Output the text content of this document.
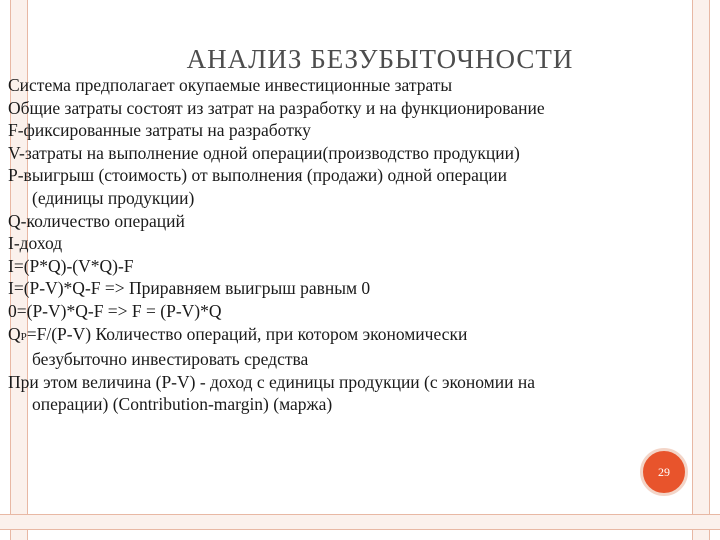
АНАЛИЗ БЕЗУБЫТОЧНОСТИ

Система предполагает окупаемые инвестиционные затраты

Общие затраты состоят из затрат на разработку и на функционирование

F-фиксированные затраты на разработку

V-затраты на выполнение одной операции(производство продукции)

P-выигрыш (стоимость) от выполнения (продажи) одной операции
(единицы продукции)

Q-количество операций

I-доход

I=(P*Q)-(V*Q)-F

I=(P-V)*Q-F => Приравняем выигрыш равным 0

0=(P-V)*Q-F => F = (P-V)*Q

QP=F/(P-V) Количество операций, при котором экономически
безубыточно инвестировать средства

При этом величина (P-V) - доход с единицы продукции (с экономии на
операции) (Contribution-margin) (маржа)

29
